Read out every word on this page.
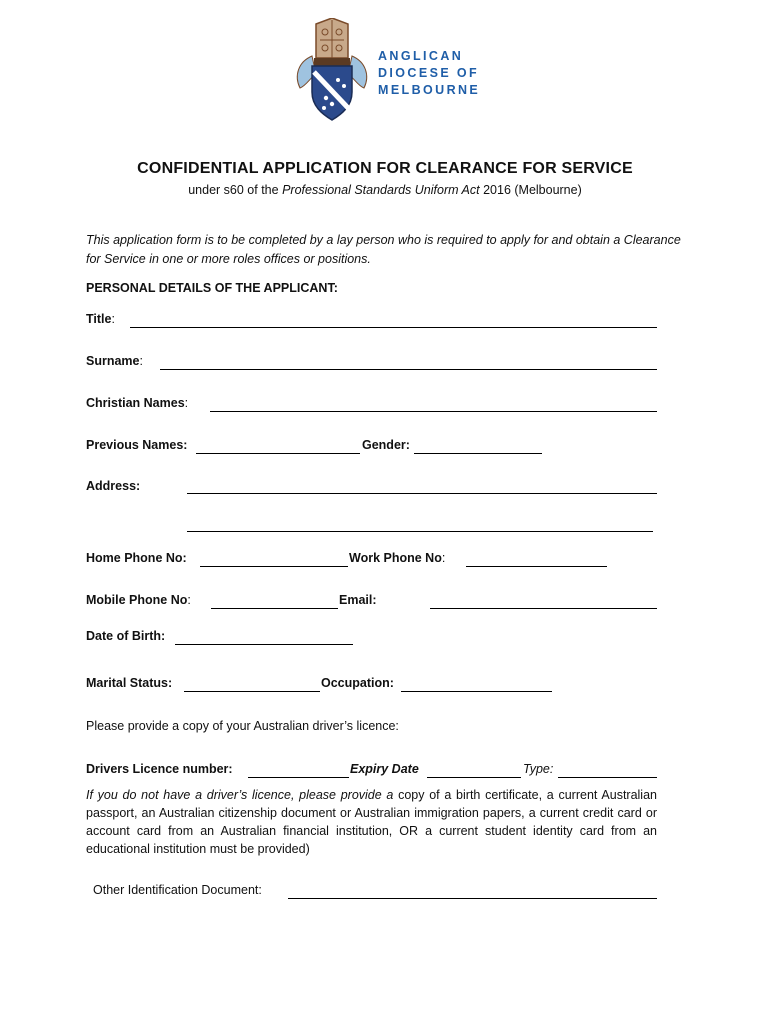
ANGLICAN
DIOCESE OF
MELBOURNE
CONFIDENTIAL APPLICATION FOR CLEARANCE FOR SERVICE
under s60 of the Professional Standards Uniform Act 2016 (Melbourne)
This application form is to be completed by a lay person who is required to apply for and obtain a Clearance for Service in one or more roles offices or positions.
PERSONAL DETAILS OF THE APPLICANT:
Title:
Surname:
Christian Names:
Previous Names:	Gender:
Address:
Home Phone No:	Work Phone No:
Mobile Phone No:	Email:
Date of Birth:
Marital Status:	Occupation:
Please provide a copy of your Australian driver’s licence:
Drivers Licence number:	Expiry Date	Type:
If you do not have a driver’s licence, please provide a copy of a birth certificate, a current Australian passport, an Australian citizenship document or Australian immigration papers, a current credit card or account card from an Australian financial institution, OR a current student identity card from an educational institution must be provided)
Other Identification Document:
